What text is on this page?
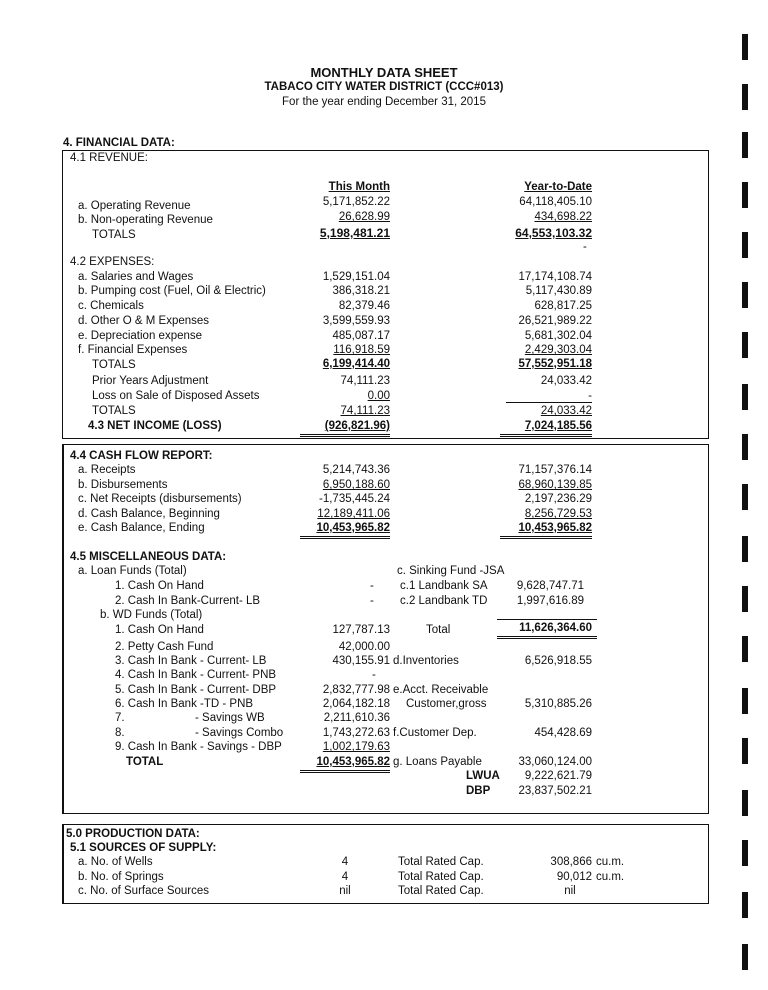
MONTHLY DATA SHEET
TABACO CITY WATER DISTRICT (CCC#013)
For the year ending December 31, 2015
4. FINANCIAL DATA:
4.1 REVENUE:
This Month	Year-to-Date
a. Operating Revenue	5,171,852.22	64,118,405.10
b. Non-operating Revenue	26,628.99	434,698.22
TOTALS	5,198,481.21	64,553,103.32
-
4.2 EXPENSES:
a. Salaries and Wages	1,529,151.04	17,174,108.74
b. Pumping cost (Fuel, Oil & Electric)	386,318.21	5,117,430.89
c. Chemicals	82,379.46	628,817.25
d. Other O & M Expenses	3,599,559.93	26,521,989.22
e. Depreciation expense	485,087.17	5,681,302.04
f. Financial Expenses	116,918.59	2,429,303.04
TOTALS	6,199,414.40	57,552,951.18
Prior Years Adjustment	74,111.23	24,033.42
Loss on Sale of Disposed Assets	0.00	-
TOTALS	74,111.23	24,033.42
4.3 NET INCOME (LOSS)	(926,821.96)	7,024,185.56
4.4 CASH FLOW REPORT:
a. Receipts	5,214,743.36	71,157,376.14
b. Disbursements	6,950,188.60	68,960,139.85
c. Net Receipts (disbursements)	-1,735,445.24	2,197,236.29
d. Cash Balance, Beginning	12,189,411.06	8,256,729.53
e. Cash Balance, Ending	10,453,965.82	10,453,965.82
4.5 MISCELLANEOUS DATA:
a. Loan Funds (Total)
1. Cash On Hand	-
2. Cash In Bank-Current- LB	-
c. Sinking Fund -JSA
c.1 Landbank SA	9,628,747.71
c.2 Landbank TD	1,997,616.89
b. WD Funds (Total)
1. Cash On Hand	127,787.13	Total	11,626,364.60
2. Petty Cash Fund	42,000.00
3. Cash In Bank - Current- LB	430,155.91 d.Inventories	6,526,918.55
4. Cash In Bank - Current- PNB	-
5. Cash In Bank - Current- DBP	2,832,777.98 e.Acct. Receivable
6. Cash In Bank -TD - PNB	2,064,182.18 Customer,gross	5,310,885.26
7.	- Savings WB	2,211,610.36
8.	- Savings Combo	1,743,272.63 f.Customer Dep.	454,428.69
9. Cash In Bank - Savings - DBP	1,002,179.63
TOTAL	10,453,965.82 g. Loans Payable	33,060,124.00
LWUA	9,222,621.79
DBP	23,837,502.21
5.0 PRODUCTION DATA:
5.1 SOURCES OF SUPPLY:
a. No. of Wells	4	Total Rated Cap.	308,866 cu.m.
b. No. of Springs	4	Total Rated Cap.	90,012 cu.m.
c. No. of Surface Sources	nil	Total Rated Cap.	nil
